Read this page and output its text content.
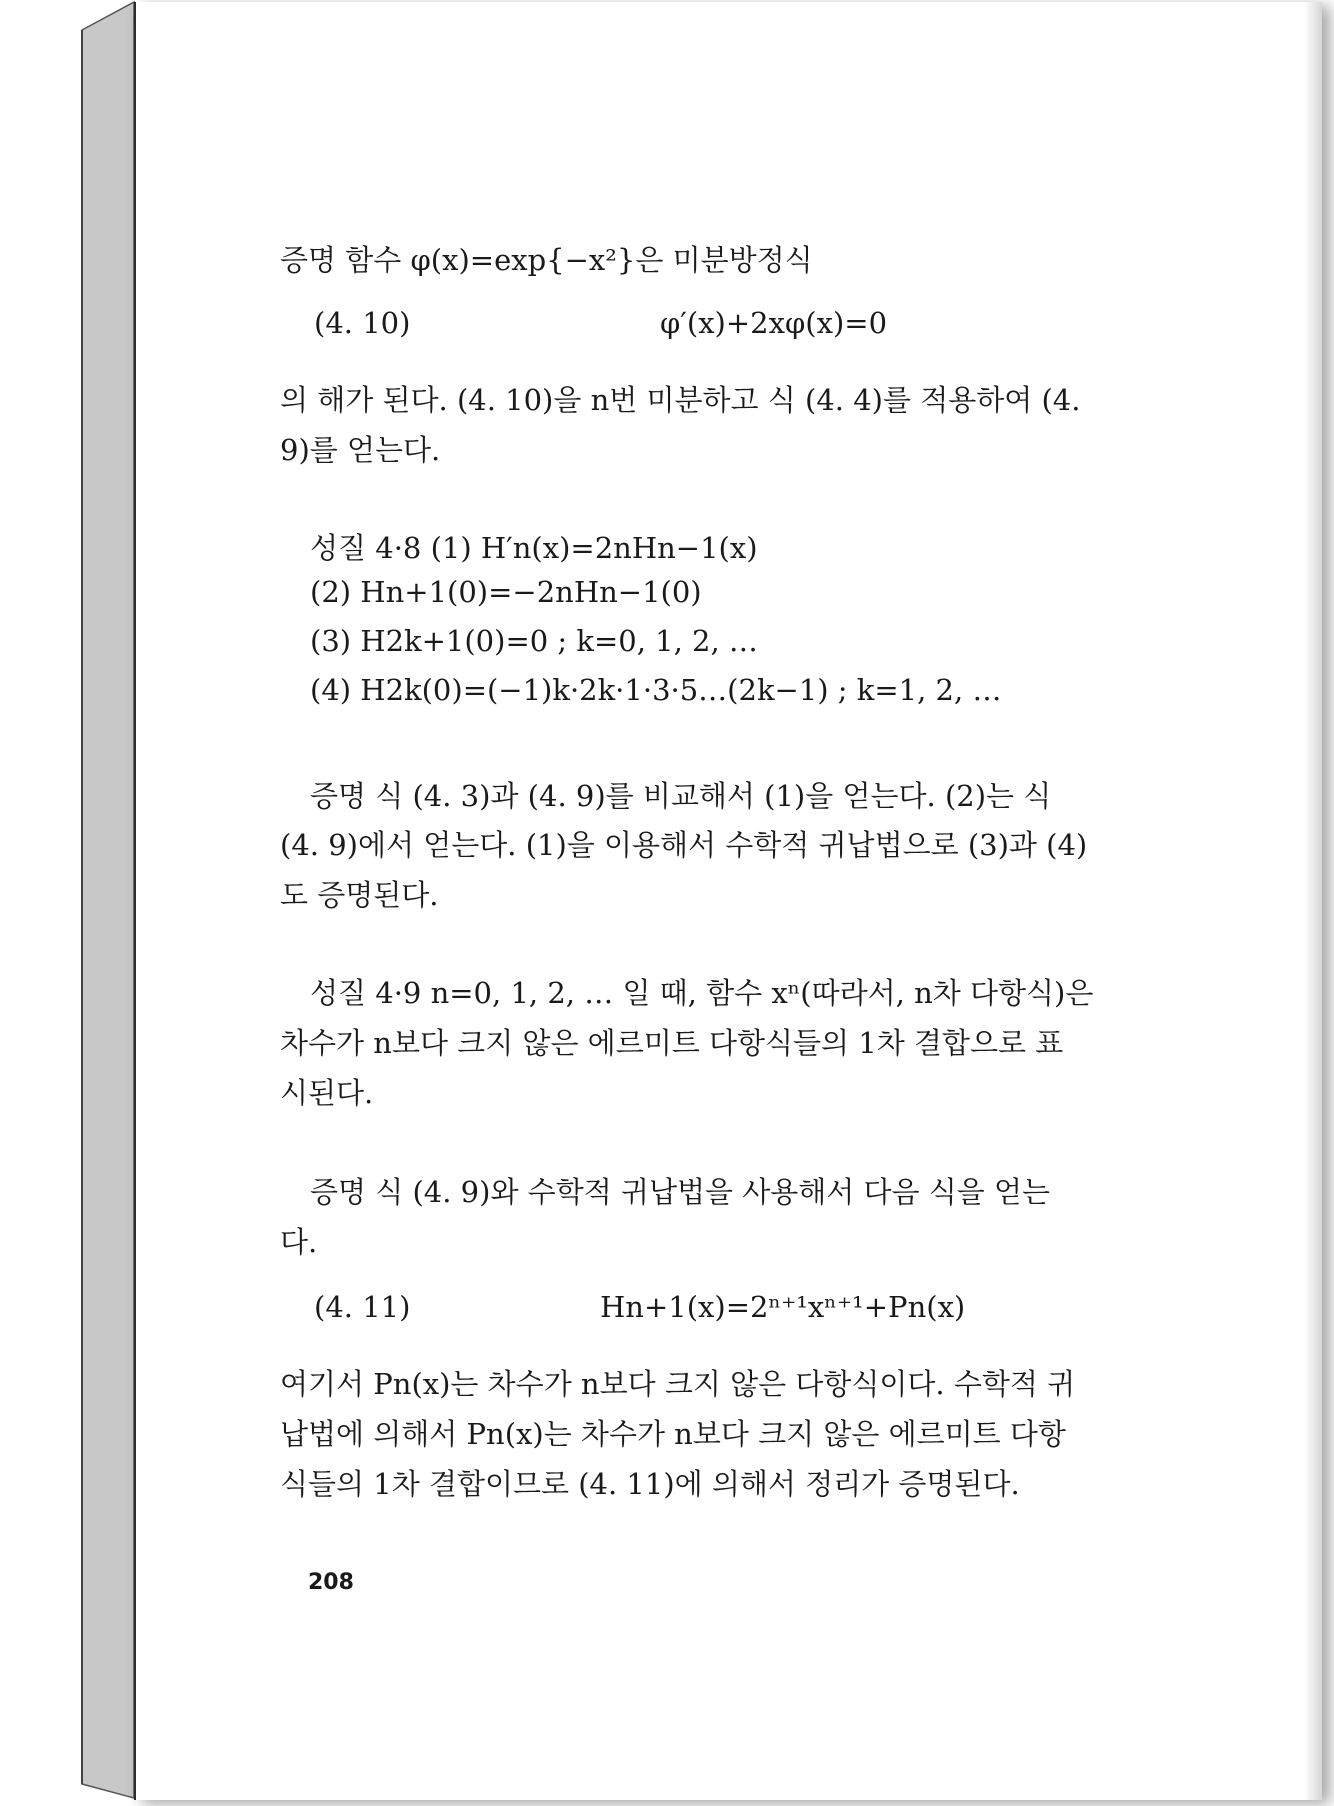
증명 함수 φ(x)=exp{−x²}은 미분방정식
(4. 10)	φ′(x)+2xφ(x)=0
의 해가 된다. (4. 10)을 n번 미분하고 식 (4. 4)를 적용하여 (4.
9)를 얻는다.
성질 4·8 (1) H′n(x)=2nHn−1(x)
(2) Hn+1(0)=−2nHn−1(0)
(3) H2k+1(0)=0 ; k=0, 1, 2, …
(4) H2k(0)=(−1)k·2k·1·3·5…(2k−1) ; k=1, 2, …
증명 식 (4. 3)과 (4. 9)를 비교해서 (1)을 얻는다. (2)는 식
(4. 9)에서 얻는다. (1)을 이용해서 수학적 귀납법으로 (3)과 (4)
도 증명된다.
성질 4·9 n=0, 1, 2, … 일 때, 함수 xⁿ(따라서, n차 다항식)은
차수가 n보다 크지 않은 에르미트 다항식들의 1차 결합으로 표
시된다.
증명 식 (4. 9)와 수학적 귀납법을 사용해서 다음 식을 얻는
다.
(4. 11)	Hn+1(x)=2ⁿ⁺¹xⁿ⁺¹+Pn(x)
여기서 Pn(x)는 차수가 n보다 크지 않은 다항식이다. 수학적 귀
납법에 의해서 Pn(x)는 차수가 n보다 크지 않은 에르미트 다항
식들의 1차 결합이므로 (4. 11)에 의해서 정리가 증명된다.
208
